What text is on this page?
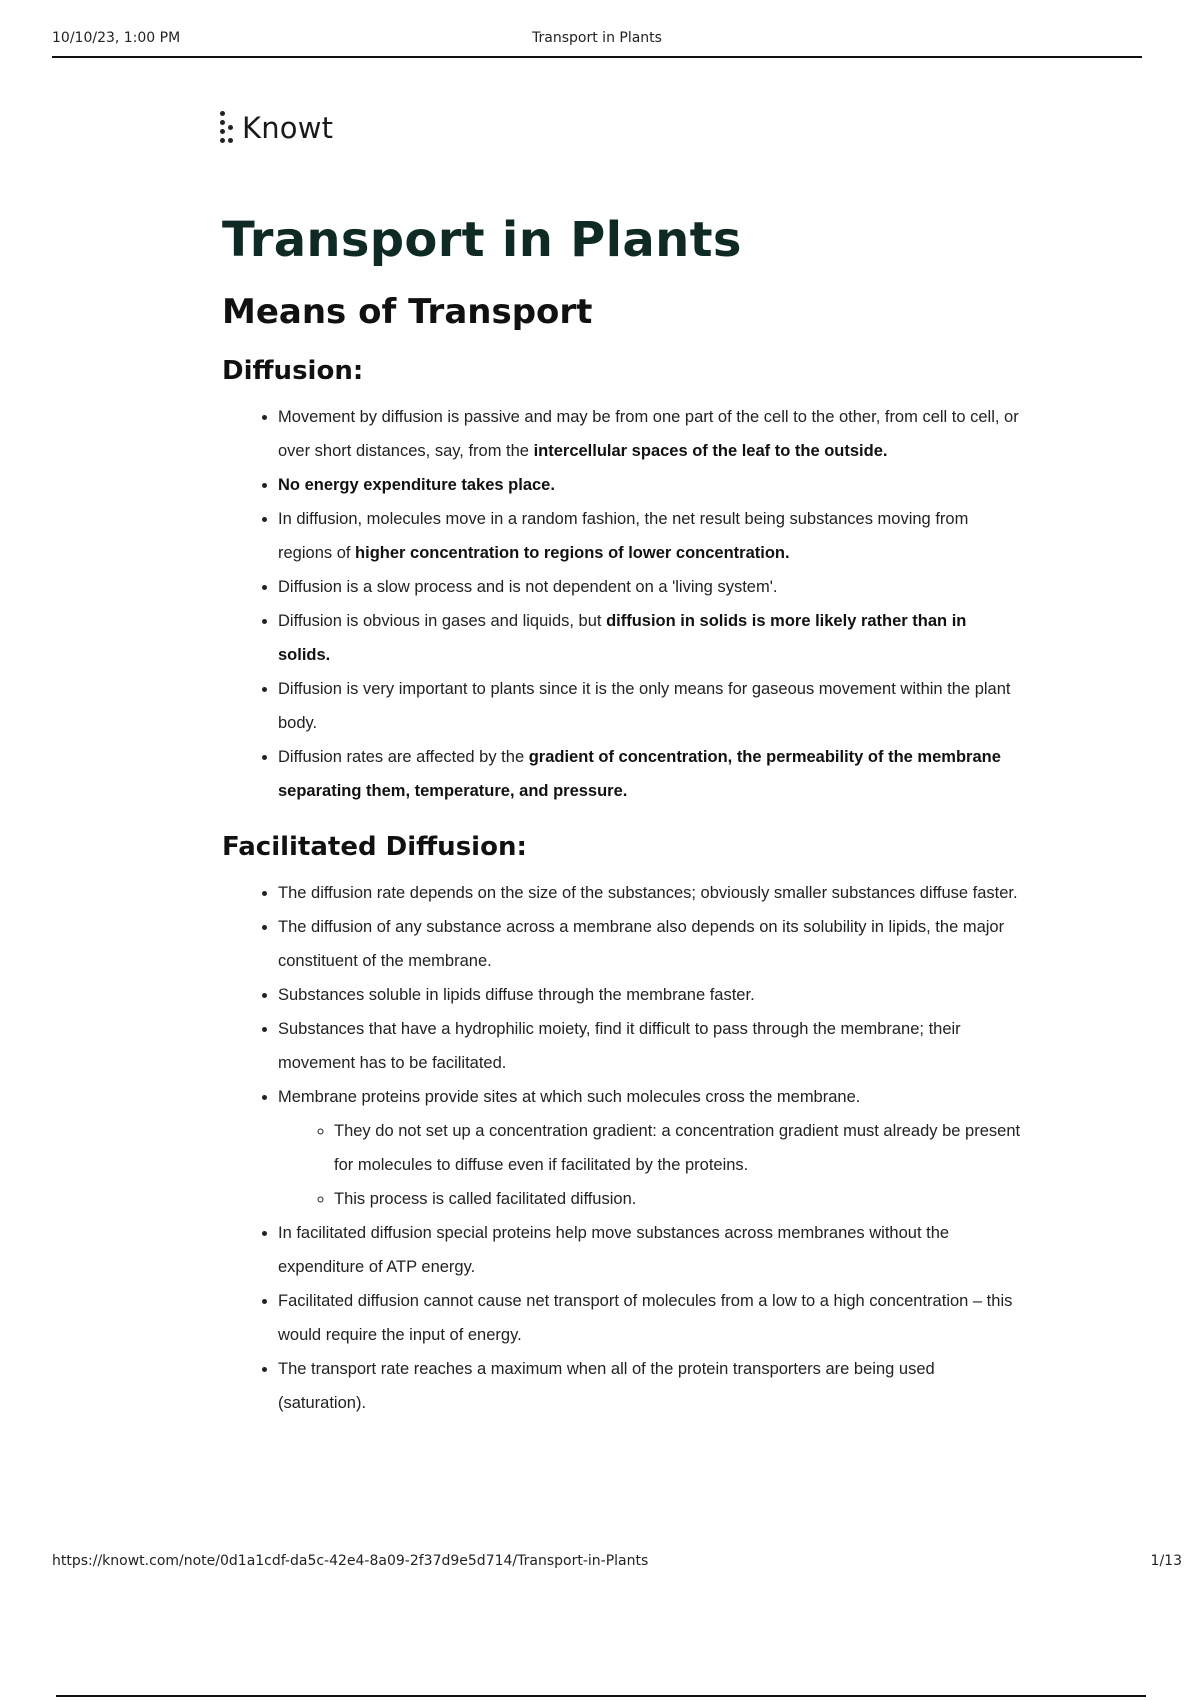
10/10/23, 1:00 PM	Transport in Plants
Knowt
Transport in Plants
Means of Transport
Diffusion:
• Movement by diffusion is passive and may be from one part of the cell to the other, from cell to cell, or over short distances, say, from the intercellular spaces of the leaf to the outside.
• No energy expenditure takes place.
• In diffusion, molecules move in a random fashion, the net result being substances moving from regions of higher concentration to regions of lower concentration.
• Diffusion is a slow process and is not dependent on a 'living system'.
• Diffusion is obvious in gases and liquids, but diffusion in solids is more likely rather than in solids.
• Diffusion is very important to plants since it is the only means for gaseous movement within the plant body.
• Diffusion rates are affected by the gradient of concentration, the permeability of the membrane separating them, temperature, and pressure.
Facilitated Diffusion:
• The diffusion rate depends on the size of the substances; obviously smaller substances diffuse faster.
• The diffusion of any substance across a membrane also depends on its solubility in lipids, the major constituent of the membrane.
• Substances soluble in lipids diffuse through the membrane faster.
• Substances that have a hydrophilic moiety, find it difficult to pass through the membrane; their movement has to be facilitated.
• Membrane proteins provide sites at which such molecules cross the membrane.
◦ They do not set up a concentration gradient: a concentration gradient must already be present for molecules to diffuse even if facilitated by the proteins.
◦ This process is called facilitated diffusion.
• In facilitated diffusion special proteins help move substances across membranes without the expenditure of ATP energy.
• Facilitated diffusion cannot cause net transport of molecules from a low to a high concentration – this would require the input of energy.
• The transport rate reaches a maximum when all of the protein transporters are being used (saturation).
https://knowt.com/note/0d1a1cdf-da5c-42e4-8a09-2f37d9e5d714/Transport-in-Plants	1/13
